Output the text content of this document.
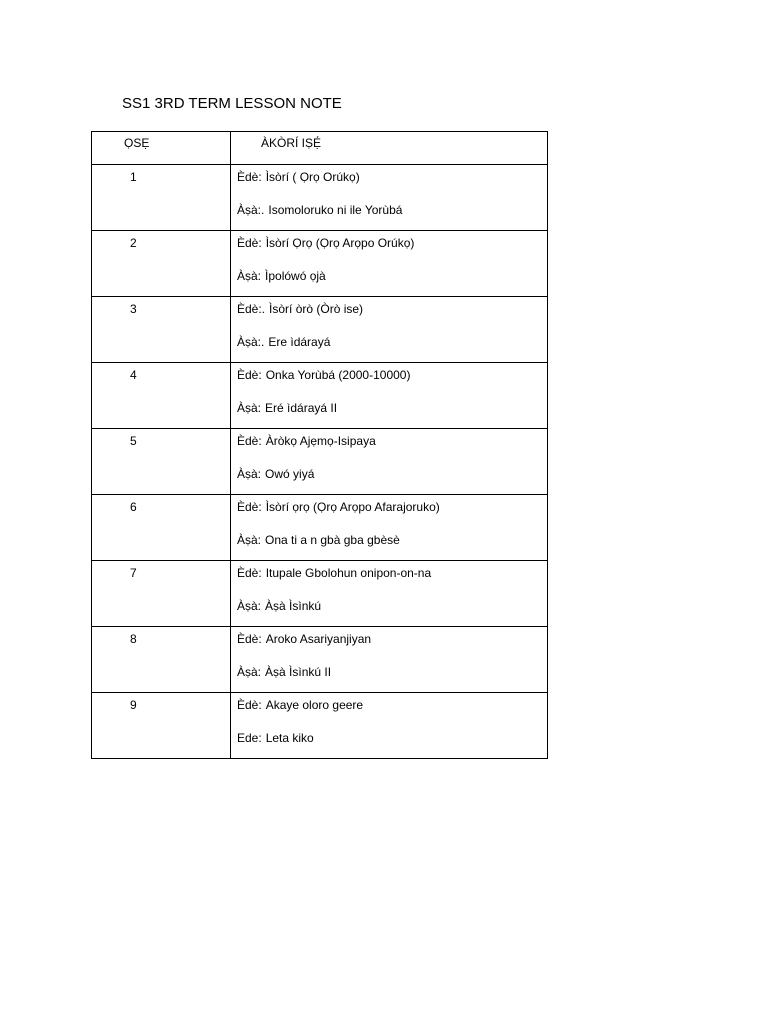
SS1 3RD TERM LESSON NOTE
ỌSẸ	ÀKÒRÍ IṢẸ́

1	Èdè: Ìsòrí ( Ọrọ Orúkọ)
Àṣà:. Isomoloruko ni ile Yorùbá

2	Èdè: Ìsòrí Ọrọ (Ọrọ Arọpo Orúkọ)
Àṣà: Ìpolówó ọjà

3	Èdè:. Ìsòrí òrò (Òrò ise)
Àṣà:. Ere ìdárayá

4	Èdè: Onka Yorùbá (2000-10000)
Àṣà: Eré ìdárayá II

5	Èdè: Àròkọ Ajẹmọ-Isipaya
Àṣà: Owó yiyá

6	Èdè: Ìsòrí ọrọ (Ọrọ Arọpo Afarajoruko)
Àṣà: Ona ti a n gbà gba gbèsè

7	Èdè: Itupale Gbolohun onipon-on-na
Àṣà: Àṣà Ìsìnkú

8	Èdè: Aroko Asariyanjiyan
Àṣà: Àṣà Ìsìnkú II

9	Èdè: Akaye oloro geere
Ede: Leta kiko
